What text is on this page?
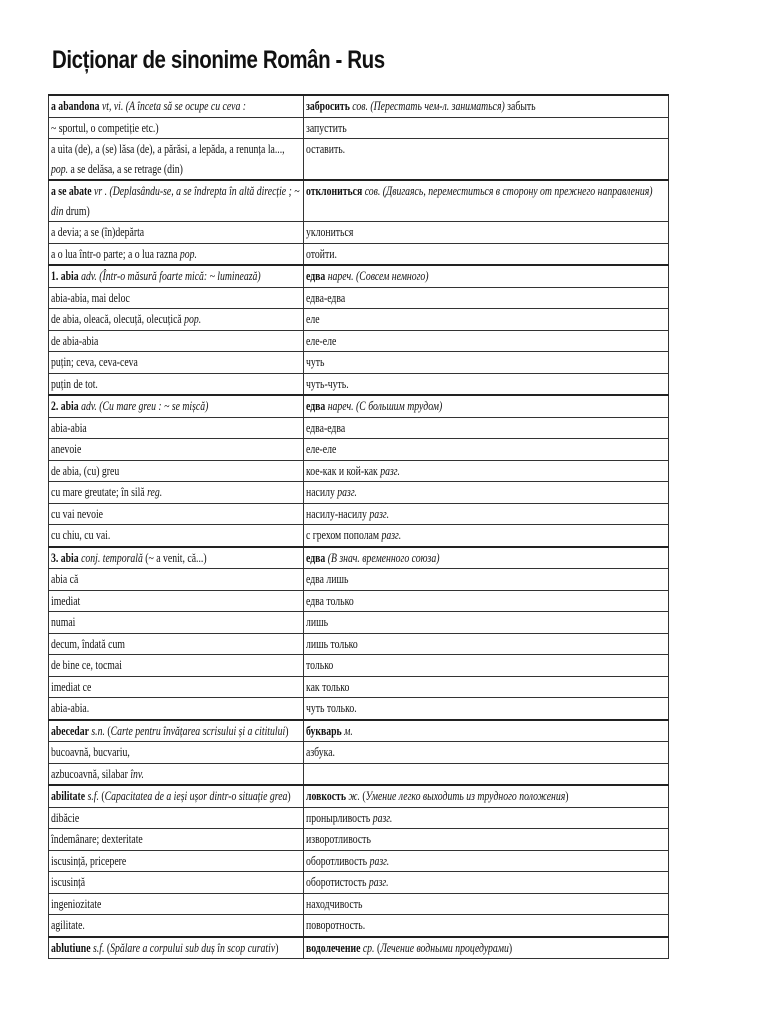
Dicționar de sinonime Român - Rus
a abandona vt, vi. (A înceta să se ocupe cu ceva :	забросить сов. (Перестать чем-л. заниматься) забыть

~ sportul, o competiție etc.)	запустить

a uita (de), a (se) lăsa (de), a părăsi, a lepăda, a renunța la..., pop. a se delăsa, a se retrage (din)	оставить.

a se abate vr . (Deplasându-se, a se îndrepta în altă direcție ; ~ din drum)	отклониться сов. (Двигаясь, переместиться в сторону от прежнего направления)

a devia; a se (în)depărta	уклониться

a o lua într-o parte; a o lua razna pop.	отойти.

1. abia adv. (Într-o măsură foarte mică: ~ luminează)	едва нареч. (Совсем немного)

abia-abia, mai deloc	едва-едва

de abia, oleacă, olecuță, olecuțică pop.	еле

de abia-abia	еле-еле

puțin; ceva, ceva-ceva	чуть

puțin de tot.	чуть-чуть.

2. abia adv. (Cu mare greu : ~ se mișcă)	едва нареч. (С большим трудом)

abia-abia	едва-едва

anevoie	еле-еле

de abia, (cu) greu	кое-как и кой-как разг.

cu mare greutate; în silă reg.	насилу разг.

cu vai nevoie	насилу-насилу разг.

cu chiu, cu vai.	с грехом пополам разг.

3. abia conj. temporală (~ a venit, că...)	едва (В знач. временного союза)

abia că	едва лишь

imediat	едва только

numai	лишь

decum, îndată cum	лишь только

de bine ce, tocmai	только

imediat ce	как только

abia-abia.	чуть только.

abecedar s.n. (Carte pentru învățarea scrisului și a cititului)	букварь м.

bucoavnă, bucvariu,	азбука.

azbucoavnă, silabar înv.	

abilitate s.f. (Capacitatea de a ieși ușor dintr-o situație grea)	ловкость ж. (Умение легко выходить из трудного положения)

dibăcie	пронырливость разг.

îndemânare; dexteritate	изворотливость

iscusință, pricepere	оборотливость разг.

iscusință	оборотистость разг.

ingeniozitate	находчивость

agilitate.	поворотность.

ablutiune s.f. (Spălare a corpului sub duș în scop curativ)	водолечение ср. (Лечение водными процедурами)
